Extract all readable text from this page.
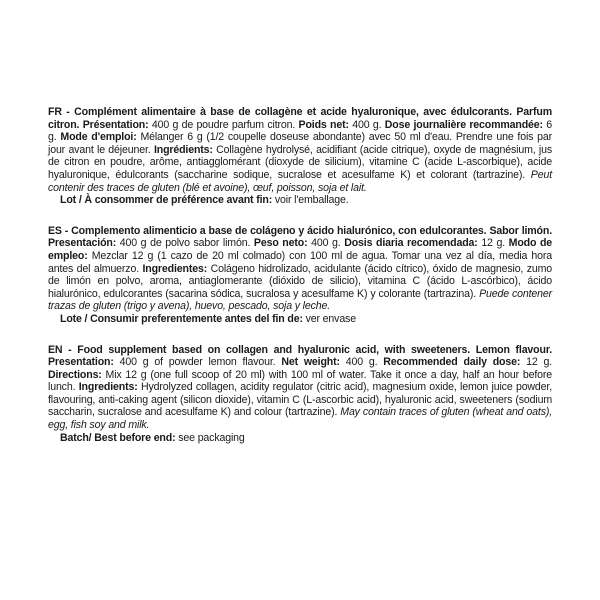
FR - Complément alimentaire à base de collagène et acide hyaluronique, avec édulcorants. Parfum citron. Présentation: 400 g de poudre parfum citron. Poids net: 400 g. Dose journalière recommandée: 6 g. Mode d'emploi: Mélanger 6 g (1/2 coupelle doseuse abondante) avec 50 ml d'eau. Prendre une fois par jour avant le déjeuner. Ingrédients: Collagène hydrolysé, acidifiant (acide citrique), oxyde de magnésium, jus de citron en poudre, arôme, antiagglomérant (dioxyde de silicium), vitamine C (acide L-ascorbique), acide hyaluronique, édulcorants (saccharine sodique, sucralose et acesulfame K) et colorant (tartrazine). Peut contenir des traces de gluten (blé et avoine), œuf, poisson, soja et lait.

Lot / À consommer de préférence avant fin: voir l'emballage.

ES - Complemento alimenticio a base de colágeno y ácido hialurónico, con edulcorantes. Sabor limón. Presentación: 400 g de polvo sabor limón. Peso neto: 400 g. Dosis diaria recomendada: 12 g. Modo de empleo: Mezclar 12 g (1 cazo de 20 ml colmado) con 100 ml de agua. Tomar una vez al día, media hora antes del almuerzo. Ingredientes: Colágeno hidrolizado, acidulante (ácido cítrico), óxido de magnesio, zumo de limón en polvo, aroma, antiaglomerante (dióxido de silicio), vitamina C (ácido L-ascórbico), ácido hialurónico, edulcorantes (sacarina sódica, sucralosa y acesulfame K) y colorante (tartrazina). Puede contener trazas de gluten (trigo y avena), huevo, pescado, soja y leche.

Lote / Consumir preferentemente antes del fin de: ver envase

EN - Food supplement based on collagen and hyaluronic acid, with sweeteners. Lemon flavour. Presentation: 400 g of powder lemon flavour. Net weight: 400 g. Recommended daily dose: 12 g. Directions: Mix 12 g (one full scoop of 20 ml) with 100 ml of water. Take it once a day, half an hour before lunch. Ingredients: Hydrolyzed collagen, acidity regulator (citric acid), magnesium oxide, lemon juice powder, flavouring, anti-caking agent (silicon dioxide), vitamin C (L-ascorbic acid), hyaluronic acid, sweeteners (sodium saccharin, sucralose and acesulfame K) and colour (tartrazine). May contain traces of gluten (wheat and oats), egg, fish soy and milk.

Batch/ Best before end: see packaging
